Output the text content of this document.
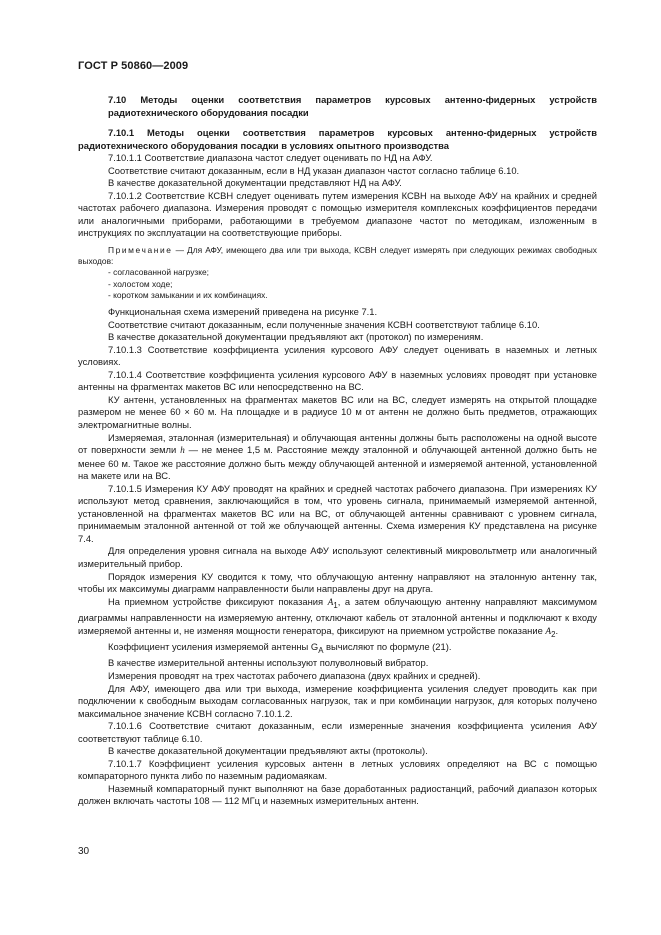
ГОСТ Р 50860—2009

7.10 Методы оценки соответствия параметров курсовых антенно-фидерных устройств радиотехнического оборудования посадки

7.10.1 Методы оценки соответствия параметров курсовых антенно-фидерных устройств радиотехнического оборудования посадки в условиях опытного производства

7.10.1.1 Соответствие диапазона частот следует оценивать по НД на АФУ.

Соответствие считают доказанным, если в НД указан диапазон частот согласно таблице 6.10.

В качестве доказательной документации представляют НД на АФУ.

7.10.1.2 Соответствие КСВН следует оценивать путем измерения КСВН на выходе АФУ на крайних и средней частотах рабочего диапазона. Измерения проводят с помощью измерителя комплексных коэффициентов передачи или аналогичными приборами, работающими в требуемом диапазоне частот по методикам, изложенным в инструкциях по эксплуатации на соответствующие приборы.

Примечание — Для АФУ, имеющего два или три выхода, КСВН следует измерять при следующих режимах свободных выходов:

- согласованной нагрузке;

- холостом ходе;

- коротком замыкании и их комбинациях.

Функциональная схема измерений приведена на рисунке 7.1.

Соответствие считают доказанным, если полученные значения КСВН соответствуют таблице 6.10.

В качестве доказательной документации предъявляют акт (протокол) по измерениям.

7.10.1.3 Соответствие коэффициента усиления курсового АФУ следует оценивать в наземных и летных условиях.

7.10.1.4 Соответствие коэффициента усиления курсового АФУ в наземных условиях проводят при установке антенны на фрагментах макетов ВС или непосредственно на ВС.

КУ антенн, установленных на фрагментах макетов ВС или на ВС, следует измерять на открытой площадке размером не менее 60 × 60 м. На площадке и в радиусе 10 м от антенн не должно быть предметов, отражающих электромагнитные волны.

Измеряемая, эталонная (измерительная) и облучающая антенны должны быть расположены на одной высоте от поверхности земли h — не менее 1,5 м. Расстояние между эталонной и облучающей антенной должно быть не менее 60 м. Такое же расстояние должно быть между облучающей антенной и измеряемой антенной, установленной на макете или на ВС.

7.10.1.5 Измерения КУ АФУ проводят на крайних и средней частотах рабочего диапазона. При измерениях КУ используют метод сравнения, заключающийся в том, что уровень сигнала, принимаемый измеряемой антенной, установленной на фрагментах макетов ВС или на ВС, от облучающей антенны сравнивают с уровнем сигнала, принимаемым эталонной антенной от той же облучающей антенны. Схема измерения КУ представлена на рисунке 7.4.

Для определения уровня сигнала на выходе АФУ используют селективный микровольтметр или аналогичный измерительный прибор.

Порядок измерения КУ сводится к тому, что облучающую антенну направляют на эталонную антенну так, чтобы их максимумы диаграмм направленности были направлены друг на друга.

На приемном устройстве фиксируют показания $A_1$, а затем облучающую антенну направляют максимумом диаграммы направленности на измеряемую антенну, отключают кабель от эталонной антенны и подключают к входу измеряемой антенны и, не изменяя мощности генератора, фиксируют на приемном устройстве показание $A_2$.

Коэффициент усиления измеряемой антенны $G_A$ вычисляют по формуле (21).

В качестве измерительной антенны используют полуволновый вибратор.

Измерения проводят на трех частотах рабочего диапазона (двух крайних и средней).

Для АФУ, имеющего два или три выхода, измерение коэффициента усиления следует проводить как при подключении к свободным выходам согласованных нагрузок, так и при комбинации нагрузок, для которых получено максимальное значение КСВН согласно 7.10.1.2.

7.10.1.6 Соответствие считают доказанным, если измеренные значения коэффициента усиления АФУ соответствуют таблице 6.10.

В качестве доказательной документации предъявляют акты (протоколы).

7.10.1.7 Коэффициент усиления курсовых антенн в летных условиях определяют на ВС с помощью компараторного пункта либо по наземным радиомаякам.

Наземный компараторный пункт выполняют на базе доработанных радиостанций, рабочий диапазон которых должен включать частоты 108 — 112 МГц и наземных измерительных антенн.

30
